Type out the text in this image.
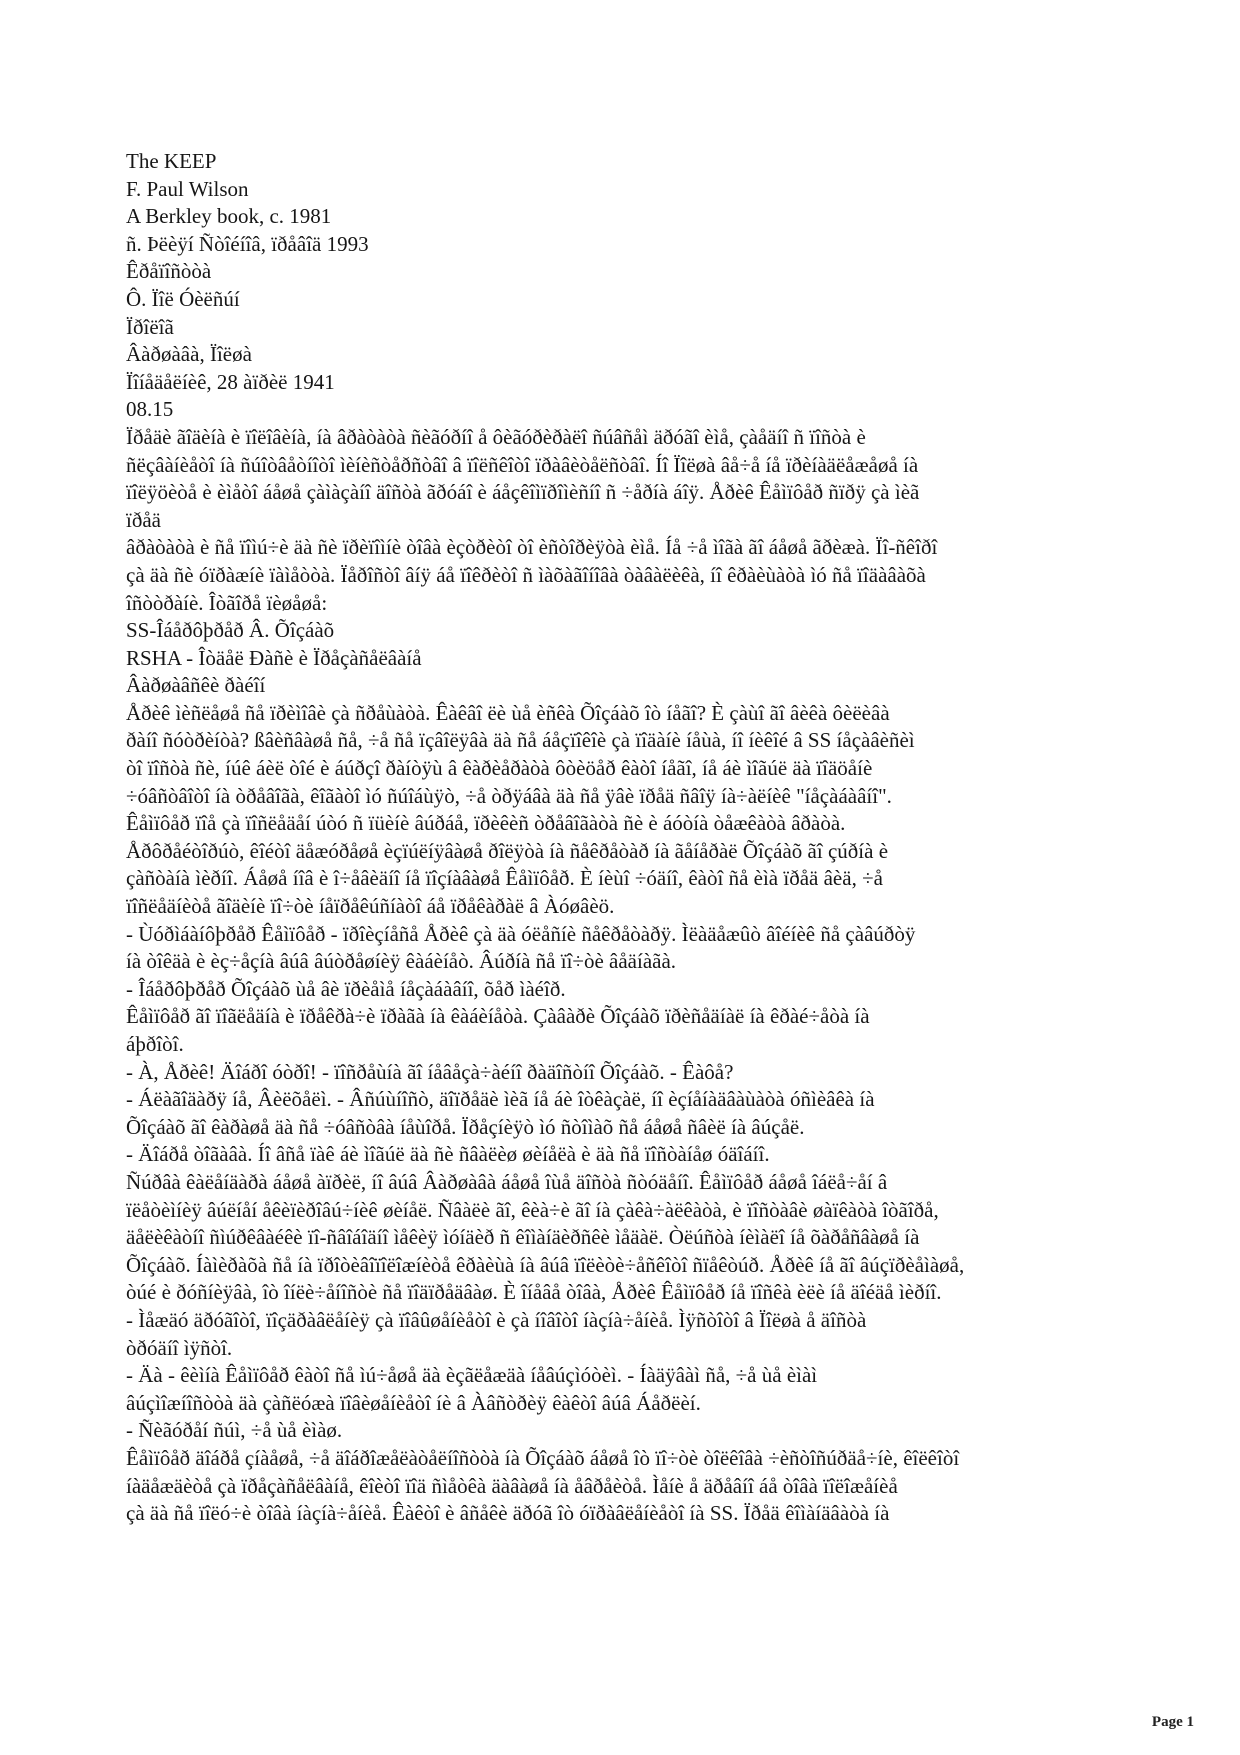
The KEEP
F. Paul Wilson
A Berkley book, c. 1981
ñ. Þëèÿí Ñòîéíîâ, ïðåâîä 1993
Êðåïîñòòà
Ô. Ïîë Óèëñúí
Ïðîëîã
Âàðøàâà, Ïîëøà
Ïîíåäåëíèê, 28 àïðèë 1941
08.15
Ïðåäè ãîäèíà è ïîëîâèíà, íà âðàòàòà ñèãóðíî å ôèãóðèðàëî ñúâñåì äðóãî èìå, çàåäíî ñ ïîñòà è
ñëçâàíèåòî íà ñúîòâåòíîòî ìèíèñòåðñòâî â ïîëñêîòî ïðàâèòåëñòâî. Íî Ïîëøà âå÷å íå ïðèíàäëåæåøå íà
ïîëÿöèòå è èìåòî áåøå çàìàçàíî äîñòà ãðóáî è áåçêîìïðîìèñíî ñ ÷åðíà áîÿ. Åðèê Êåìïôåð ñïðÿ çà ìèã
ïðåä
âðàòàòà è ñå ïîìú÷è äà ñè ïðèïîìíè òîâà èçòðèòî òî èñòîðèÿòà èìå. Íå ÷å ìîãà ãî áåøå ãðèæà. Ïî-ñêîðî
çà äà ñè óïðàæíè ïàìåòòà. Ïåðîñòî âíÿ áå ïîêðèòî ñ ìàõàãîíîâà òàâàëèêà, íî êðàèùàòà ìó ñå ïîäàâàõà
îñòòðàíè. Îòãîðå ïèøåøå:
SS-Îáåðôþðåð Â. Õîçáàõ
RSHA - Îòäåë Ðàñè è Ïðåçàñåëâàíå
Âàðøàâñêè ðàéîí
Åðèê ìèñëåøå ñå ïðèìîâè çà ñðåùàòà. Êàêâî ëè ùå èñêà Õîçáàõ îò íåãî? È çàùî ãî âèêà ôèëèâà
ðàíî ñóòðèíòà? ßâèñâàøå ñå, ÷å ñå ïçâîëÿâà äà ñå áåçïîêîè çà ïîäàíè íåùà, íî íèêîé â SS íåçàâèñèì
òî ïîñòà ñè, íúê áèë òîé è áúðçî ðàíòÿù â êàðèåðàòà ôòèöåð êàòî íåãî, íå áè ìîãúë äà ïîäöåíè
÷óâñòâîòî íà òðåâîãà, êîãàòî ìó ñúîáùÿò, ÷å òðÿáâà äà ñå ÿâè ïðåä ñâîÿ íà÷àëíèê "íåçàáàâíî".
Êåìïôåð ïîå çà ïîñëåäåí úòó ñ ïüèíè âúðáå, ïðèêèñ òðåâîãàòà ñè è áóòíà òåæêàòà âðàòà.
Åðôðåéòîðúò, êîéòî äåæóðåøå èçïúëíÿâàøå ðîëÿòà íà ñåêðåòàð íà ãåíåðàë Õîçáàõ ãî çúðíà è
çàñòàíà ìèðíî. Áåøå íîâ è î÷åâèäíî íå ïîçíàâàøå Êåìïôåð. È íèùî ÷óäíî, êàòî ñå èìà ïðåä âèä, ÷å
ïîñëåäíèòå ãîäèíè ïî÷òè íåïðåêúñíàòî áå ïðåêàðàë â Àóøâèö.
- Ùóðìáàíôþðåð Êåìïôåð - ïðîèçíåñå Åðèê çà äà óëåñíè ñåêðåòàðÿ. Ìëàäåæûò âîéíèê ñå çàâúðòÿ
íà òîêäà è èç÷åçíà âúâ âúòðåøíèÿ êàáèíåò. Âúðíà ñå ïî÷òè âåäíàãà.
- Îáåðôþðåð Õîçáàõ ùå âè ïðèåìå íåçàáàâíî, õåð ìàéîð.
Êåìïôåð ãî ïîãëåäíà è ïðåêðà÷è ïðàãà íà êàáèíåòà. Çàâàðè Õîçáàõ ïðèñåäíàë íà êðàé÷åòà íà
áþðîòî.
- À, Åðèê! Äîáðî óòðî! - ïîñðåùíà ãî íåâåçà÷àéíî ðàäîñòíî Õîçáàõ. - Êàôå?
- Áëàãîäàðÿ íå, Âèëõåëì. - Âñúùíîñò, äîïðåäè ìèã íå áè îòêàçàë, íî èçíåíàäâàùàòà óñìèâêà íà
Õîçáàõ ãî êàðàøå äà ñå ÷óâñòâà íåùîðå. Ïðåçíèÿò ìó ñòîìàõ ñå áåøå ñâèë íà âúçåë.
- Äîáðå òîãàâà. Íî âñå ïàê áè ìîãúë äà ñè ñâàëèø øèíåëà è äà ñå ïîñòàíåø óäîáíî.
Ñúðâà êàëåíäàðà áåøå àïðèë, íî âúâ Âàðøàâà áåøå îùå äîñòà ñòóäåíî. Êåìïôåð áåøå îáëå÷åí â
ïëåòèìíèÿ âúëíåí åêèïèðîâú÷íèê øèíåë. Ñâàëè ãî, êèà÷è ãî íà çàêà÷àëêàòà, è ïîñòàâè øàïêàòà îòãîðå,
äåëèêàòíî ñìúðêâàéêè ïî-ñâîáîäíî ìåêèÿ ìóíäèð ñ êîìàíäèðñêè ìåäàë. Òëúñòà íèìàëî íå õàðåñâàøå íà
Õîçáàõ. Íàìèðàõà ñå íà ïðîòèâîïîëîæíèòå êðàèùà íà âúâ ïîëèòè÷åñêîòî ñïåêòúð. Åðèê íå ãî âúçïðèåìàøå,
òúé è ðóñíèÿâà, îò îíëè÷åíîñòè ñå ïîäïðåäâàø. È îíåâå òîâà, Åðèê Êåìïôåð íå ïîñêà èëè íå äîéäå ìèðíî.
- Ìåæäó äðóãîòî, ïîçäðàâëåíèÿ çà ïîâûøåíèåòî è çà íîâîòî íàçíà÷åíèå. Ìÿñòîòî â Ïîëøà å äîñòà
òðóäíî ìÿñòî.
- Äà - êèìíà Êåìïôåð êàòî ñå ìú÷åøå äà èçãëåæäà íåâúçìóòèì. - Íàäÿâàì ñå, ÷å ùå èìàì
âúçìîæíîñòòà äà çàñëóæà ïîâèøåíèåòî íè â Àâñòðèÿ êàêòî âúâ Áåðëèí.
- Ñèãóðåí ñúì, ÷å ùå èìàø.
Êåìïôåð äîáðå çíàåøå, ÷å äîáðîæåëàòåëíîñòòà íà Õîçáàõ áåøå îò ïî÷òè òîëêîâà ÷èñòîñúðäå÷íè, êîëêîòî
íàäåæäèòå çà ïðåçàñåëâàíå, êîèòî ïîä ñìåòêà äàâàøå íà åâðåèòå. Ìåíè å äðåâíî áå òîâà ïîëîæåíèå
çà äà ñå ïîëó÷è òîâà íàçíà÷åíèå. Êàêòî è âñåêè äðóã îò óïðàâëåíèåòî íà SS. Ïðåä êîìàíäâàòà íà
Page 1
